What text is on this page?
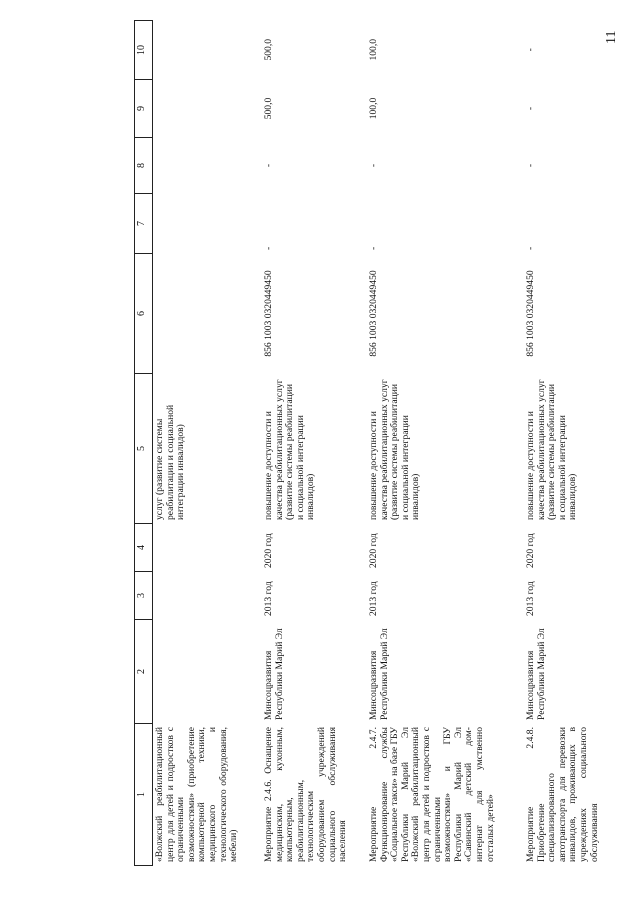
11
1	2	3	4	5	6	7	8	9	10
«Волжский реабилитационный центр для детей и подростков с ограниченными возможностями» (приобретение компьютерной техники, медицинского и технологического оборудования, мебели)				услуг (развитие системы реабилитации и социальной интеграции инвалидов)					
Мероприятие 2.4.6. Оснащение медицинским, кухонным, компьютерным, реабилитационным, технологическим оборудованием учреждений социального обслуживания населения	Минсоцразвития Республики Марий Эл	2013 год	2020 год	повышение доступности и качества реабилитационных услуг (развитие системы реабилитации и социальной интеграции инвалидов)	856 1003 0320449450	-	-	500,0	500,0
Мероприятие 2.4.7. Функционирование службы «Социальное такси» на базе ГБУ Республики Марий Эл «Волжский реабилитационный центр для детей и подростков с ограниченными возможностями» и ГБУ Республики Марий Эл «Савинский детский дом-интернат для умственно отсталых детей»	Минсоцразвития Республики Марий Эл	2013 год	2020 год	повышение доступности и качества реабилитационных услуг (развитие системы реабилитации и социальной интеграции инвалидов)	856 1003 0320449450	-	-	100,0	100,0
Мероприятие 2.4.8. Приобретение специализированного автотранспорта для перевозки инвалидов, проживающих в учреждениях социального обслуживания	Минсоцразвития Республики Марий Эл	2013 год	2020 год	повышение доступности и качества реабилитационных услуг (развитие системы реабилитации и социальной интеграции инвалидов)	856 1003 0320449450	-	-	-	-
